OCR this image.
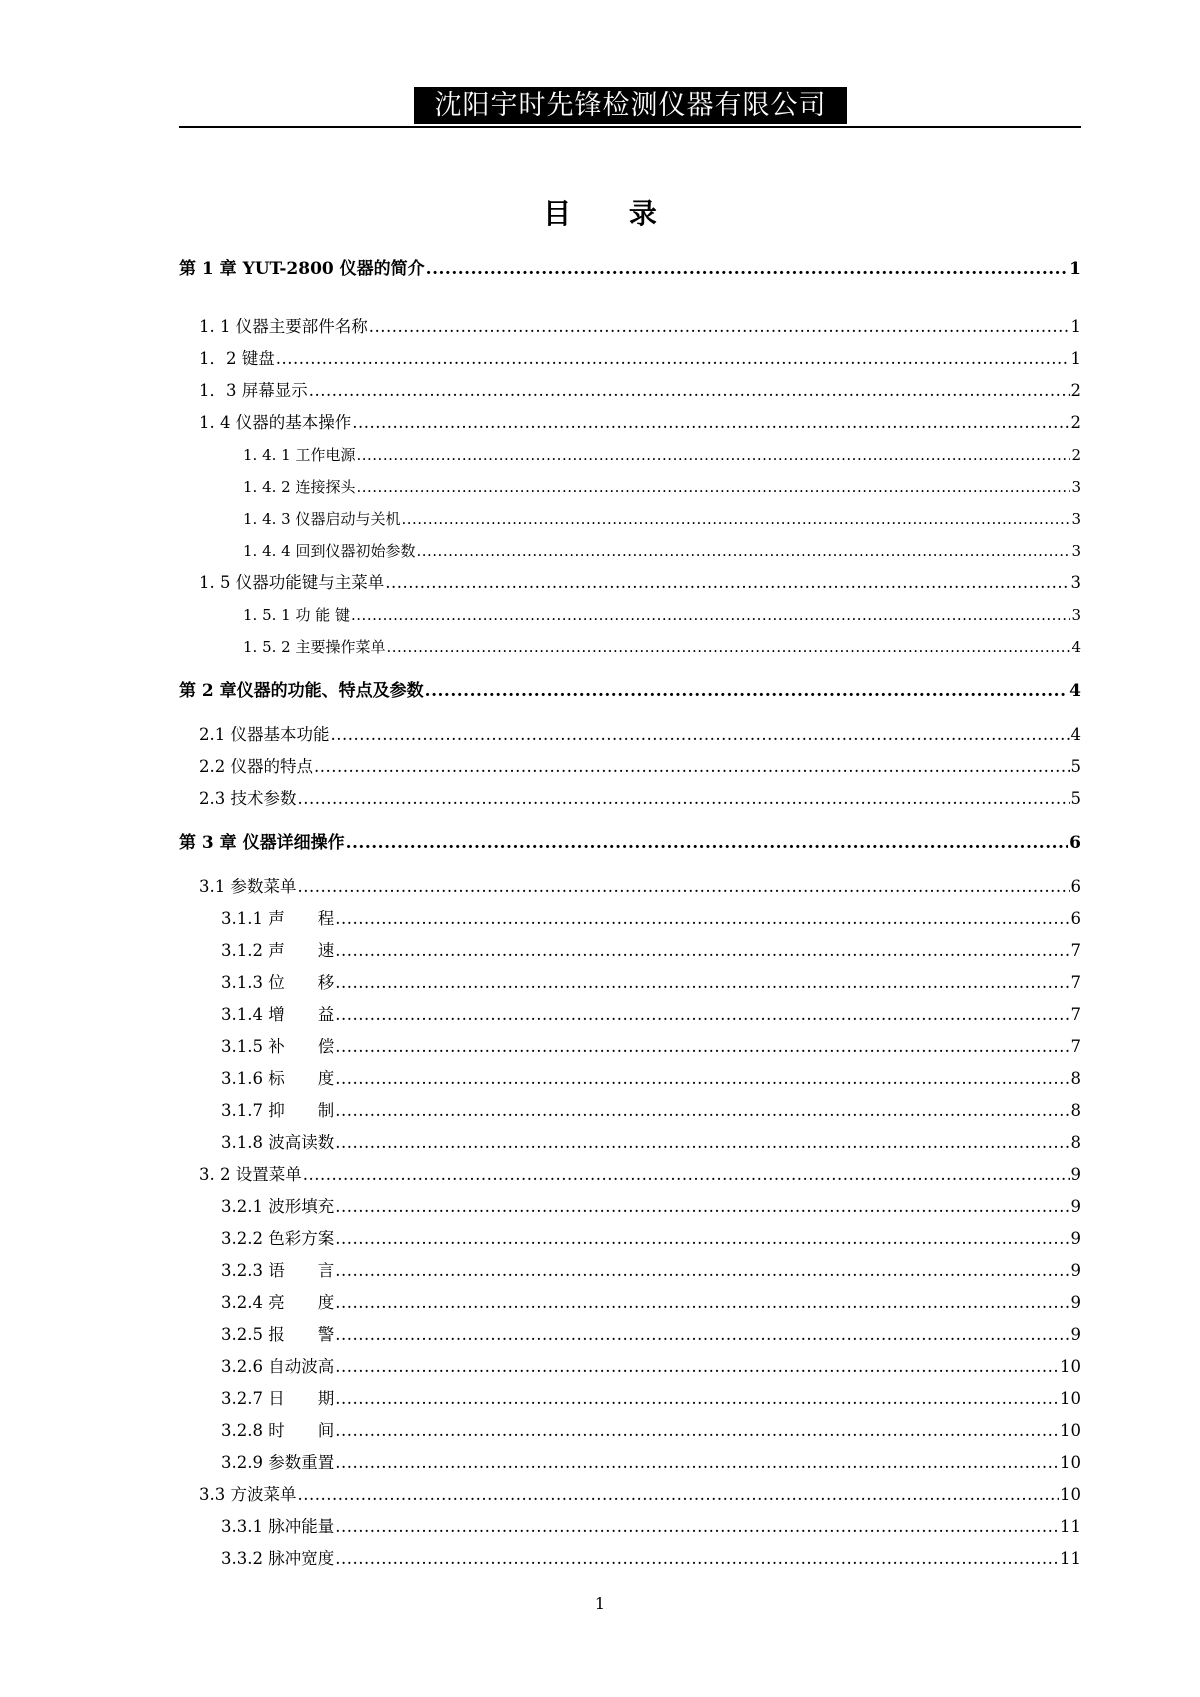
沈阳宇时先锋检测仪器有限公司
目 录
第 1 章 YUT-2800 仪器的简介 .....	1
1. 1 仪器主要部件名称 .....	1
1．2 键盘 .....	1
1．3 屏幕显示 .....	2
1. 4 仪器的基本操作 .....	2
1. 4. 1 工作电源 .....	2
1. 4. 2 连接探头 .....	3
1. 4. 3 仪器启动与关机 .....	3
1. 4. 4 回到仪器初始参数 .....	3
1. 5 仪器功能键与主菜单 .....	3
1. 5. 1 功 能 键 .....	3
1. 5. 2 主要操作菜单 .....	4
第 2 章仪器的功能、特点及参数 .....	4
2.1 仪器基本功能 .....	4
2.2 仪器的特点 .....	5
2.3 技术参数 .....	5
第 3 章 仪器详细操作 .....	6
3.1 参数菜单 .....	6
3.1.1 声　　程 .....	6
3.1.2 声　　速 .....	7
3.1.3 位　　移 .....	7
3.1.4 增　　益 .....	7
3.1.5 补　　偿 .....	7
3.1.6 标　　度 .....	8
3.1.7 抑　　制 .....	8
3.1.8 波高读数 .....	8
3. 2 设置菜单 .....	9
3.2.1 波形填充 .....	9
3.2.2 色彩方案 .....	9
3.2.3 语　　言 .....	9
3.2.4 亮　　度 .....	9
3.2.5 报　　警 .....	9
3.2.6 自动波高 .....	10
3.2.7 日　　期 .....	10
3.2.8 时　　间 .....	10
3.2.9 参数重置 .....	10
3.3 方波菜单 .....	10
3.3.1 脉冲能量 .....	11
3.3.2 脉冲宽度 .....	11
1
